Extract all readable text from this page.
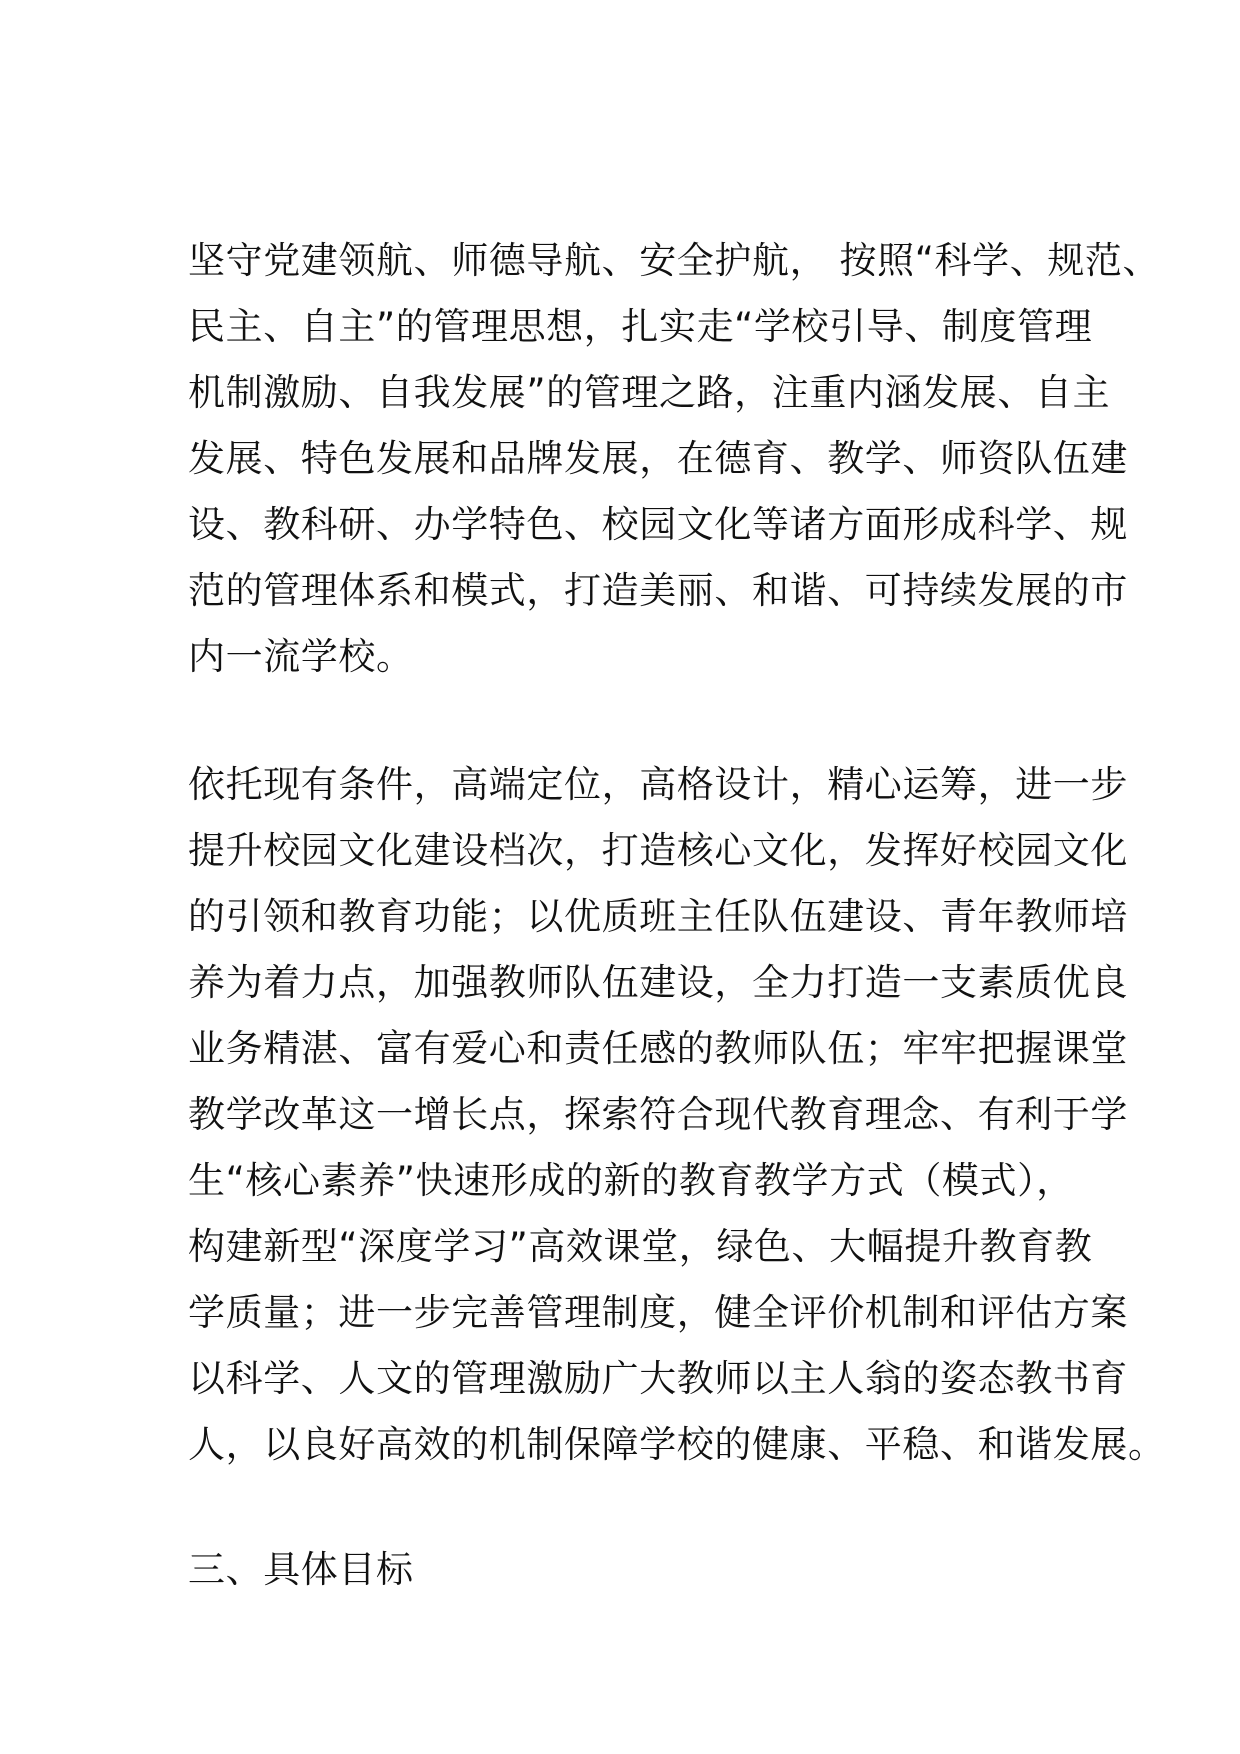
坚守党建领航、师德导航、安全护航， 按照“科学、规范、
民主、自主”的管理思想，扎实走“学校引导、制度管理
机制激励、自我发展”的管理之路，注重内涵发展、自主
发展、特色发展和品牌发展，在德育、教学、师资队伍建
设、教科研、办学特色、校园文化等诸方面形成科学、规
范的管理体系和模式，打造美丽、和谐、可持续发展的市
内一流学校。
依托现有条件，高端定位，高格设计，精心运筹，进一步
提升校园文化建设档次，打造核心文化，发挥好校园文化
的引领和教育功能；以优质班主任队伍建设、青年教师培
养为着力点，加强教师队伍建设，全力打造一支素质优良
业务精湛、富有爱心和责任感的教师队伍；牢牢把握课堂
教学改革这一增长点，探索符合现代教育理念、有利于学
生“核心素养”快速形成的新的教育教学方式（模式），
构建新型“深度学习”高效课堂，绿色、大幅提升教育教
学质量；进一步完善管理制度，健全评价机制和评估方案
以科学、人文的管理激励广大教师以主人翁的姿态教书育
人，以良好高效的机制保障学校的健康、平稳、和谐发展。
三、具体目标
